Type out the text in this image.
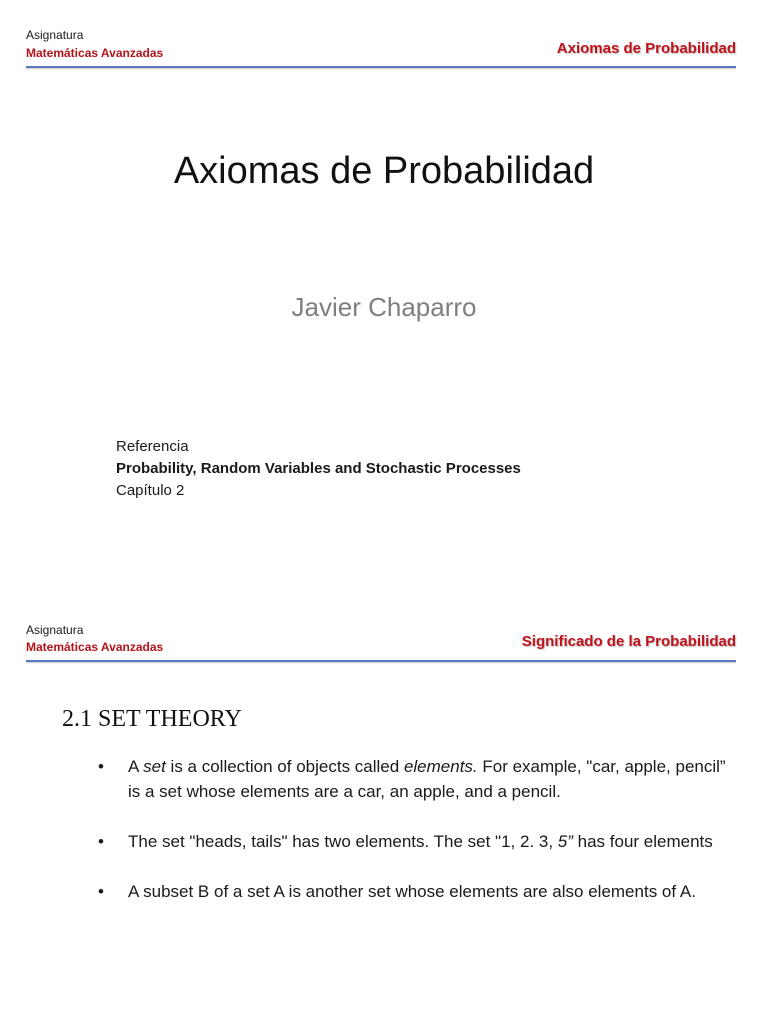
Asignatura
Matemáticas Avanzadas	Axiomas de Probabilidad
Axiomas de Probabilidad
Javier Chaparro
Referencia
Probability, Random Variables and Stochastic Processes
Capítulo 2
Asignatura
Matemáticas Avanzadas	Significado de la Probabilidad
2.1 SET THEORY
• A set is a collection of objects called elements. For example, "car, apple, pencil” is a set whose elements are a car, an apple, and a pencil.
• The set "heads, tails" has two elements. The set "1, 2. 3, 5” has four elements
• A subset B of a set A is another set whose elements are also elements of A.
